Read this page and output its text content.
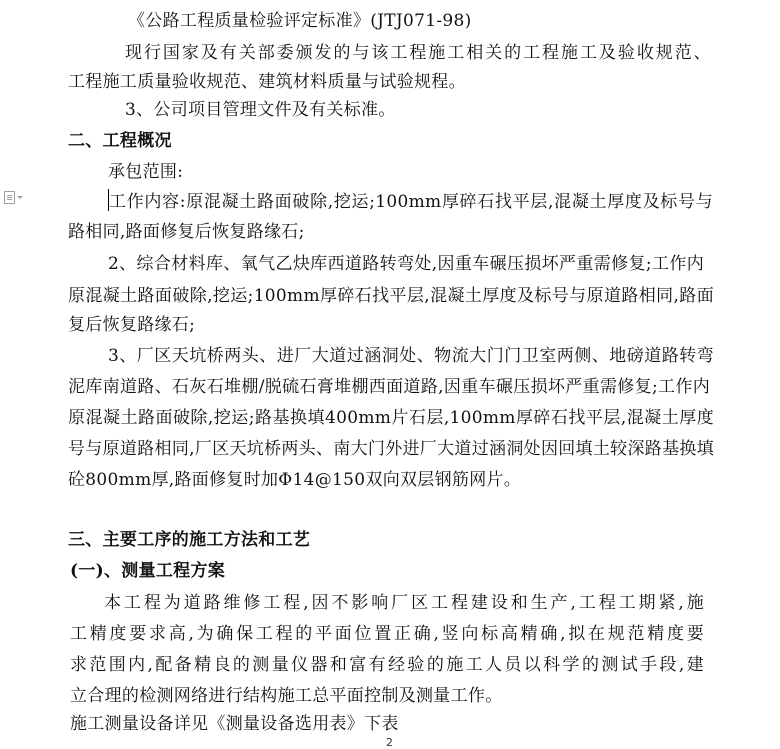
《公路工程质量检验评定标准》(JTJ071-98)
现行国家及有关部委颁发的与该工程施工相关的工程施工及验收规范、
工程施工质量验收规范、建筑材料质量与试验规程。
3、公司项目管理文件及有关标准。
二、工程概况
承包范围:
工作内容:原混凝土路面破除,挖运;100mm厚碎石找平层,混凝土厚度及标号与
路相同,路面修复后恢复路缘石;
2、综合材料库、氧气乙炔库西道路转弯处,因重车碾压损坏严重需修复;工作内
原混凝土路面破除,挖运;100mm厚碎石找平层,混凝土厚度及标号与原道路相同,路面
复后恢复路缘石;
3、厂区天坑桥两头、进厂大道过涵洞处、物流大门门卫室两侧、地磅道路转弯
泥库南道路、石灰石堆棚/脱硫石膏堆棚西面道路,因重车碾压损坏严重需修复;工作内
原混凝土路面破除,挖运;路基换填400mm片石层,100mm厚碎石找平层,混凝土厚度
号与原道路相同,厂区天坑桥两头、南大门外进厂大道过涵洞处因回填土较深路基换填
砼800mm厚,路面修复时加Φ14@150双向双层钢筋网片。
三、主要工序的施工方法和工艺
(一)、测量工程方案
本工程为道路维修工程,因不影响厂区工程建设和生产,工程工期紧,施
工精度要求高,为确保工程的平面位置正确,竖向标高精确,拟在规范精度要
求范围内,配备精良的测量仪器和富有经验的施工人员以科学的测试手段,建
立合理的检测网络进行结构施工总平面控制及测量工作。
施工测量设备详见《测量设备选用表》下表
2
